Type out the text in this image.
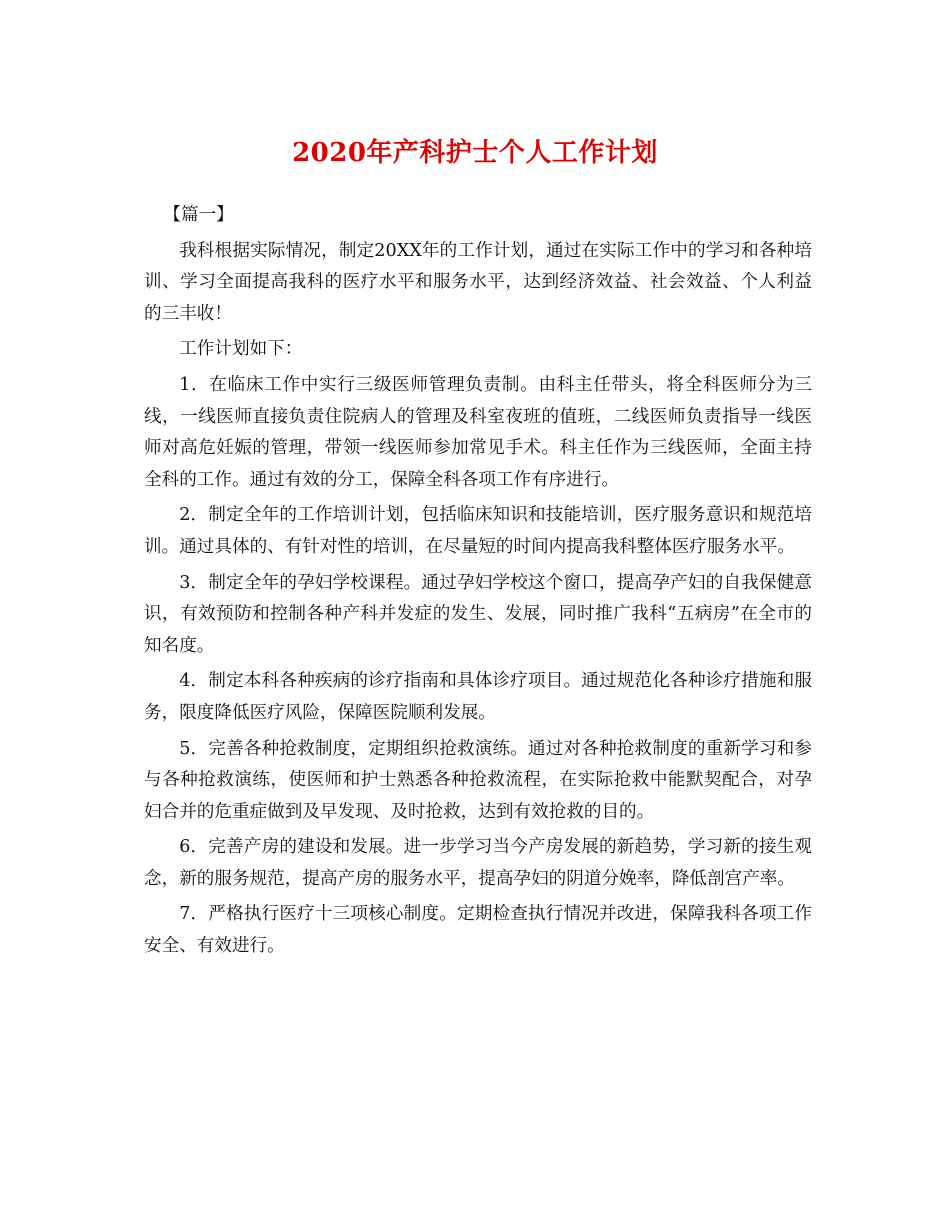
2020年产科护士个人工作计划

【篇一】

我科根据实际情况，制定20XX年的工作计划，通过在实际工作中的学习和各种培训、学习全面提高我科的医疗水平和服务水平，达到经济效益、社会效益、个人利益的三丰收！

工作计划如下：

1．在临床工作中实行三级医师管理负责制。由科主任带头，将全科医师分为三线，一线医师直接负责住院病人的管理及科室夜班的值班，二线医师负责指导一线医师对高危妊娠的管理，带领一线医师参加常见手术。科主任作为三线医师，全面主持全科的工作。通过有效的分工，保障全科各项工作有序进行。

2．制定全年的工作培训计划，包括临床知识和技能培训，医疗服务意识和规范培训。通过具体的、有针对性的培训，在尽量短的时间内提高我科整体医疗服务水平。

3．制定全年的孕妇学校课程。通过孕妇学校这个窗口，提高孕产妇的自我保健意识，有效预防和控制各种产科并发症的发生、发展，同时推广我科“五病房”在全市的知名度。

4．制定本科各种疾病的诊疗指南和具体诊疗项目。通过规范化各种诊疗措施和服务，限度降低医疗风险，保障医院顺利发展。

5．完善各种抢救制度，定期组织抢救演练。通过对各种抢救制度的重新学习和参与各种抢救演练，使医师和护士熟悉各种抢救流程，在实际抢救中能默契配合，对孕妇合并的危重症做到及早发现、及时抢救，达到有效抢救的目的。

6．完善产房的建设和发展。进一步学习当今产房发展的新趋势，学习新的接生观念，新的服务规范，提高产房的服务水平，提高孕妇的阴道分娩率，降低剖宫产率。

7．严格执行医疗十三项核心制度。定期检查执行情况并改进，保障我科各项工作安全、有效进行。
